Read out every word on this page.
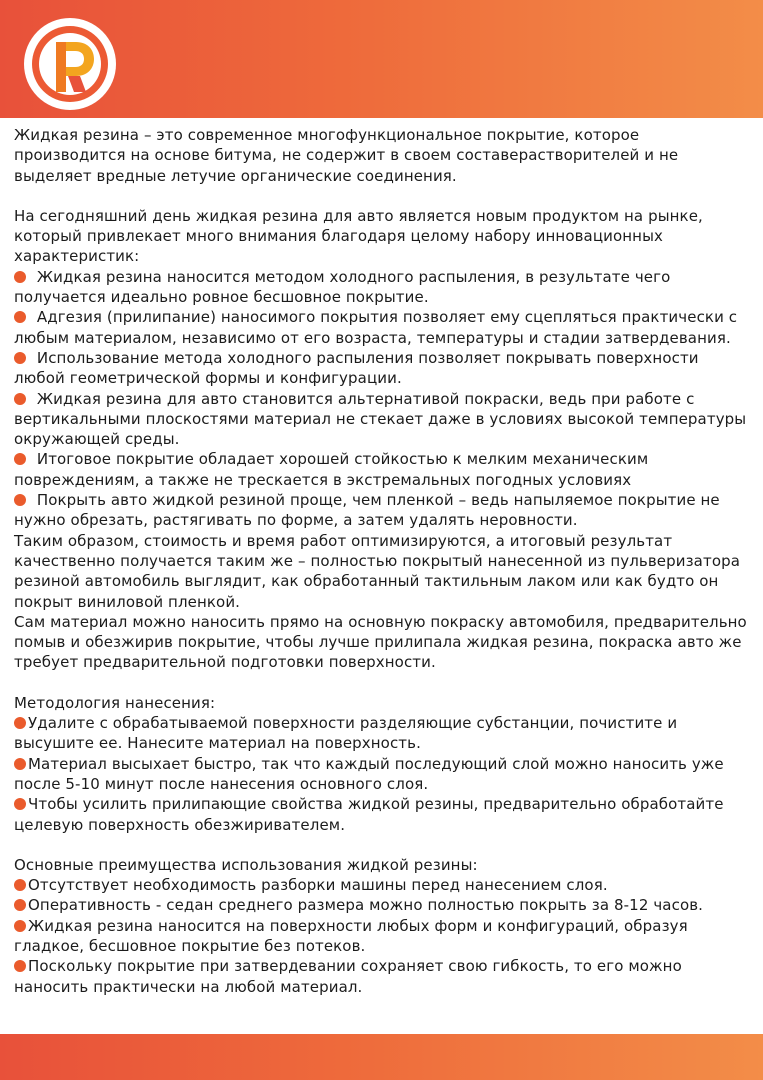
Жидкая резина – это современное многофункциональное покрытие, которое производится на основе битума, не содержит в своем составерастворителей и не выделяет вредные летучие органические соединения.

На сегодняшний день жидкая резина для авто является новым продуктом на рынке, который привлекает много внимания благодаря целому набору инновационных характеристик:

Жидкая резина наносится методом холодного распыления, в результате чего получается идеально ровное бесшовное покрытие.

Адгезия (прилипание) наносимого покрытия позволяет ему сцепляться практически с любым материалом, независимо от его возраста, температуры и стадии затвердевания.

Использование метода холодного распыления позволяет покрывать поверхности любой геометрической формы и конфигурации.

Жидкая резина для авто становится альтернативой покраски, ведь при работе с вертикальными плоскостями материал не стекает даже в условиях высокой температуры окружающей среды.

Итоговое покрытие обладает хорошей стойкостью к мелким механическим повреждениям, а также не трескается в экстремальных погодных условиях

Покрыть авто жидкой резиной проще, чем пленкой – ведь напыляемое покрытие не нужно обрезать, растягивать по форме, а затем удалять неровности.

Таким образом, стоимость и время работ оптимизируются, а итоговый результат качественно получается таким же – полностью покрытый нанесенной из пульверизатора резиной автомобиль выглядит, как обработанный тактильным лаком или как будто он покрыт виниловой пленкой.

Сам материал можно наносить прямо на основную покраску автомобиля, предварительно помыв и обезжирив покрытие, чтобы лучше прилипала жидкая резина, покраска авто же требует предварительной подготовки поверхности.

Методология нанесения:

Удалите с обрабатываемой поверхности разделяющие субстанции, почистите и высушите ее. Нанесите материал на поверхность.

Материал высыхает быстро, так что каждый последующий слой можно наносить уже после 5-10 минут после нанесения основного слоя.

Чтобы усилить прилипающие свойства жидкой резины, предварительно обработайте целевую поверхность обезжиривателем.

Основные преимущества использования жидкой резины:

Отсутствует необходимость разборки машины перед нанесением слоя.

Оперативность - седан среднего размера можно полностью покрыть за 8-12 часов.

Жидкая резина наносится на поверхности любых форм и конфигураций, образуя гладкое, бесшовное покрытие без потеков.

Поскольку покрытие при затвердевании сохраняет свою гибкость, то его можно наносить практически на любой материал.
